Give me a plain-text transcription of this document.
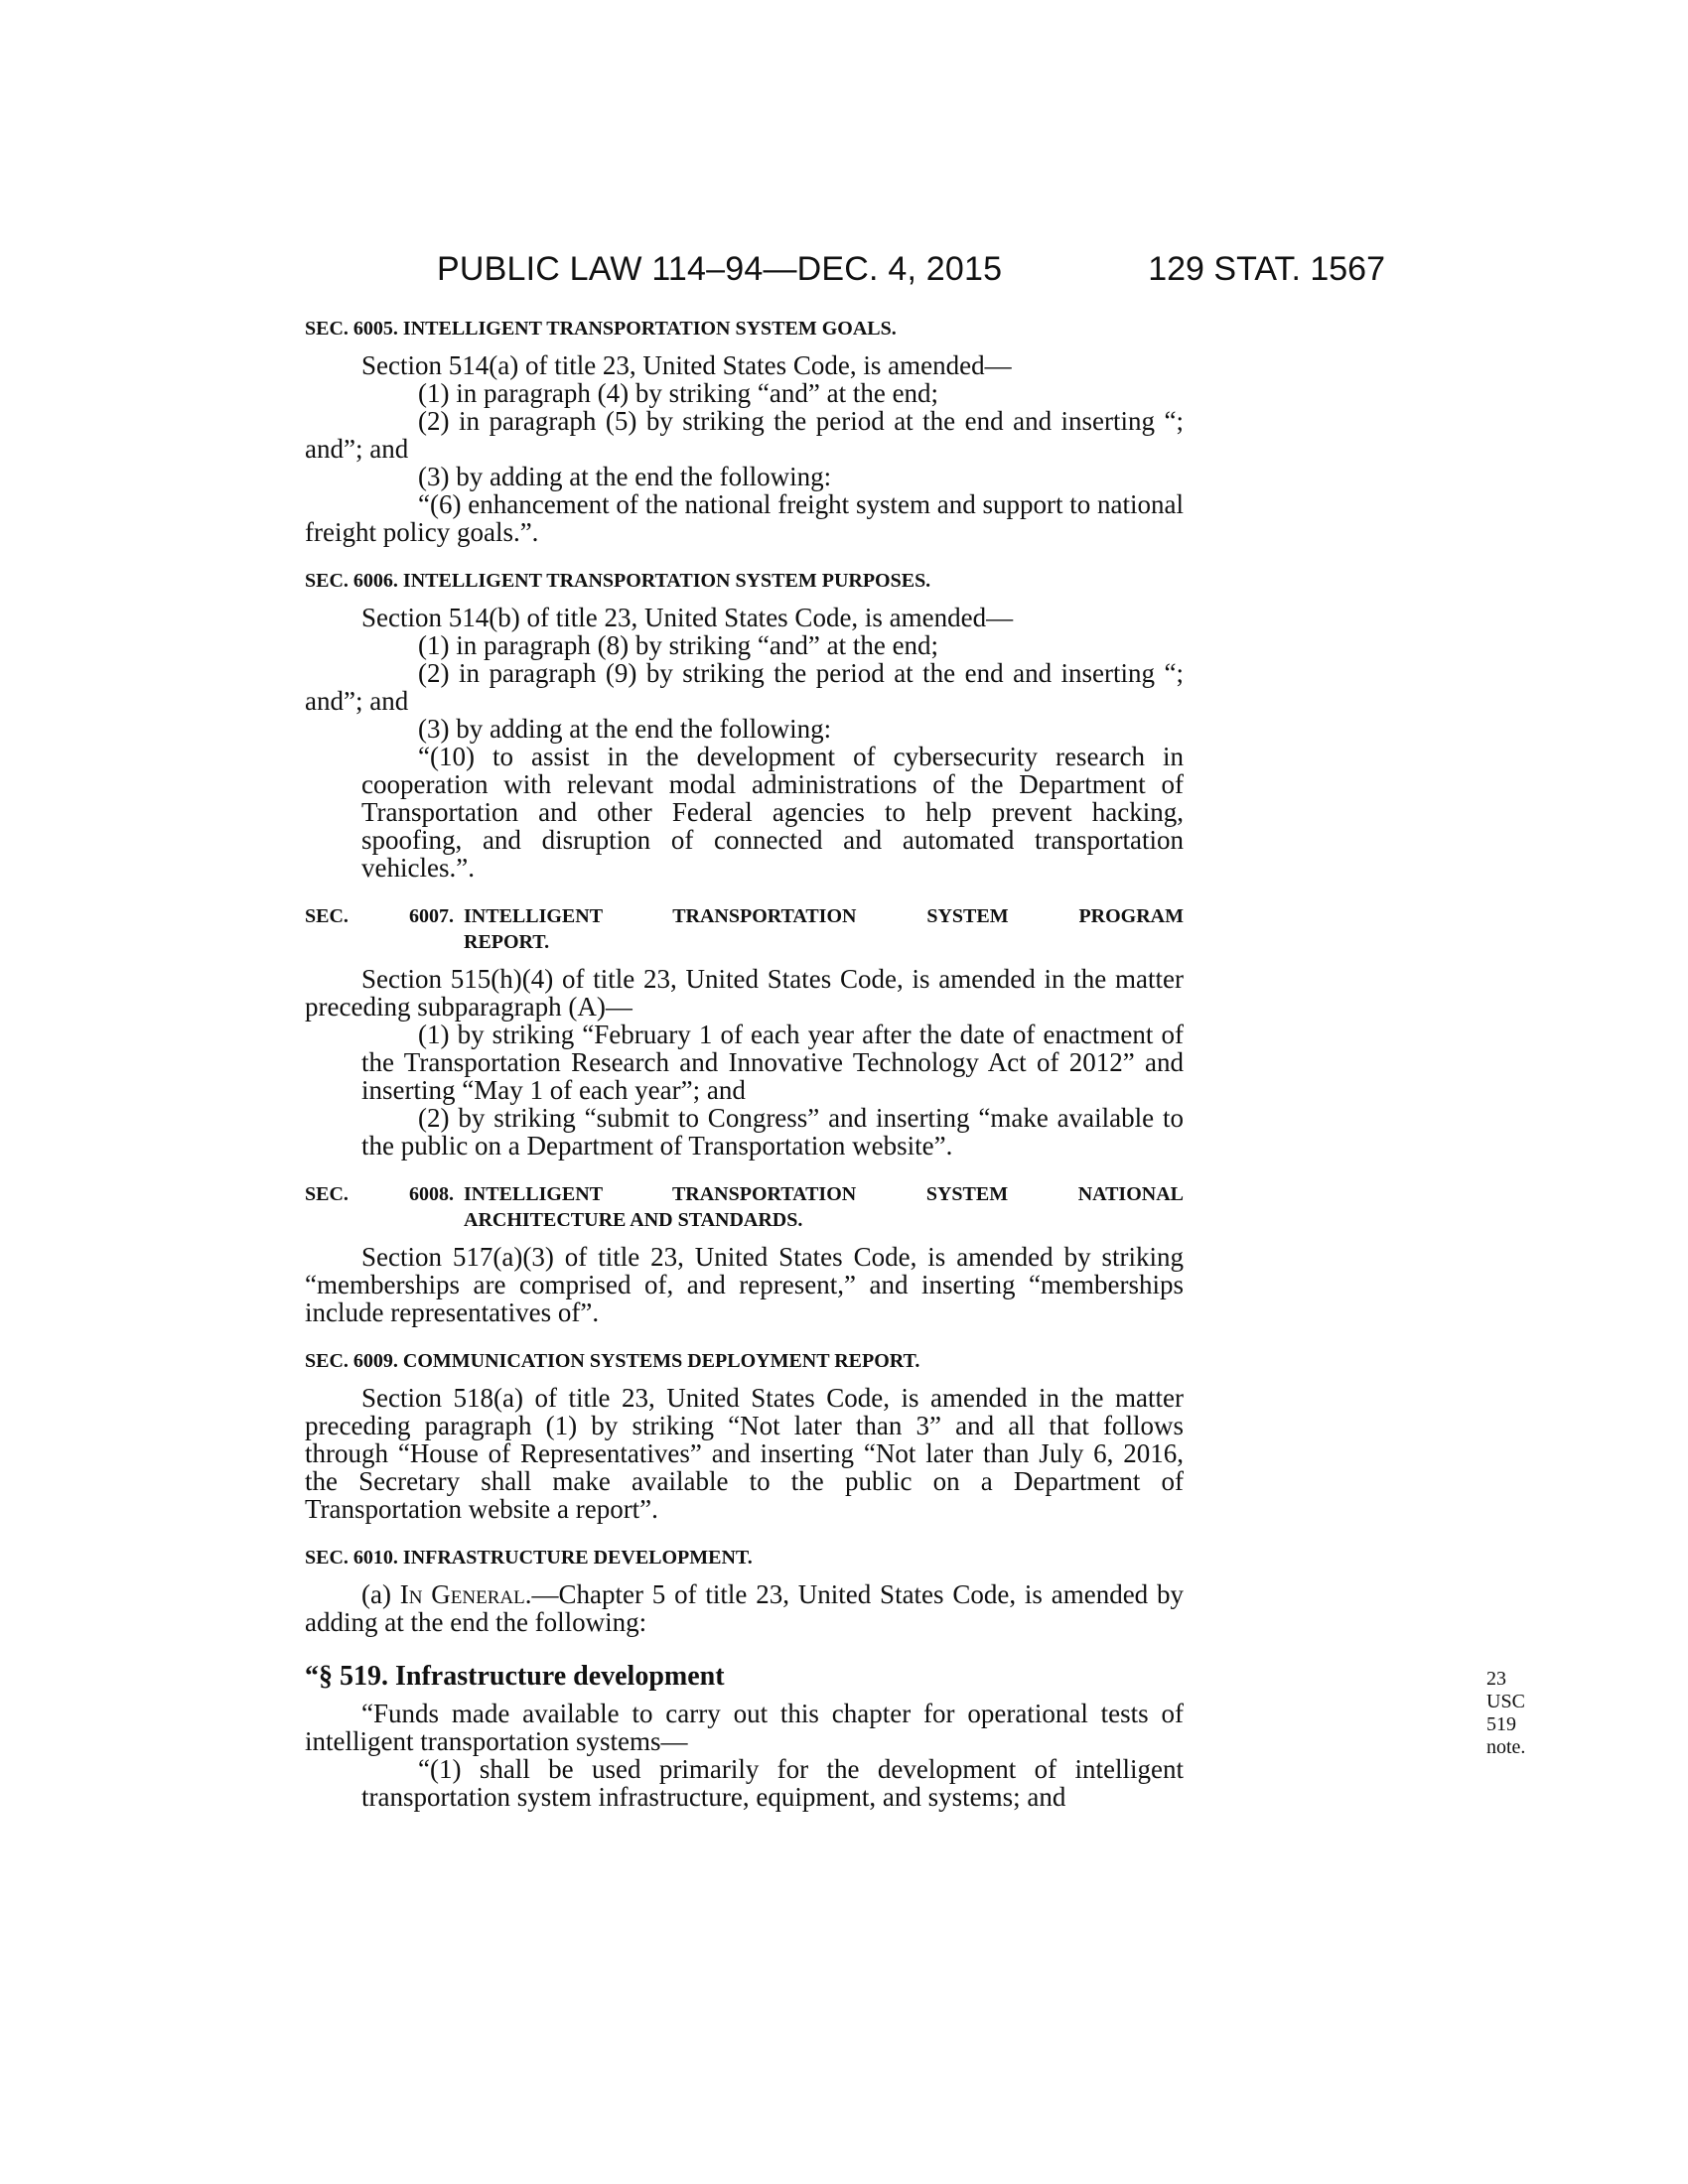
PUBLIC LAW 114–94—DEC. 4, 2015	129 STAT. 1567
SEC. 6005. INTELLIGENT TRANSPORTATION SYSTEM GOALS.

Section 514(a) of title 23, United States Code, is amended—

(1) in paragraph (4) by striking “and” at the end;

(2) in paragraph (5) by striking the period at the end and inserting “; and”; and

(3) by adding at the end the following:

“(6) enhancement of the national freight system and support to national freight policy goals.”.

SEC. 6006. INTELLIGENT TRANSPORTATION SYSTEM PURPOSES.

Section 514(b) of title 23, United States Code, is amended—

(1) in paragraph (8) by striking “and” at the end;

(2) in paragraph (9) by striking the period at the end and inserting “; and”; and

(3) by adding at the end the following:

“(10) to assist in the development of cybersecurity research in cooperation with relevant modal administrations of the Department of Transportation and other Federal agencies to help prevent hacking, spoofing, and disruption of connected and automated transportation vehicles.”.

SEC.	6007. INTELLIGENT TRANSPORTATION SYSTEM PROGRAM
REPORT.

Section 515(h)(4) of title 23, United States Code, is amended in the matter preceding subparagraph (A)—

(1) by striking “February 1 of each year after the date of enactment of the Transportation Research and Innovative Technology Act of 2012” and inserting “May 1 of each year”; and

(2) by striking “submit to Congress” and inserting “make available to the public on a Department of Transportation website”.

SEC.	6008. INTELLIGENT TRANSPORTATION SYSTEM NATIONAL
ARCHITECTURE AND STANDARDS.

Section 517(a)(3) of title 23, United States Code, is amended by striking “memberships are comprised of, and represent,” and inserting “memberships include representatives of”.

SEC. 6009. COMMUNICATION SYSTEMS DEPLOYMENT REPORT.

Section 518(a) of title 23, United States Code, is amended in the matter preceding paragraph (1) by striking “Not later than 3” and all that follows through “House of Representatives” and inserting “Not later than July 6, 2016, the Secretary shall make available to the public on a Department of Transportation website a report”.

SEC. 6010. INFRASTRUCTURE DEVELOPMENT.

(a) In General.—Chapter 5 of title 23, United States Code, is amended by adding at the end the following:

“§ 519. Infrastructure development	23 USC 519 note.

“Funds made available to carry out this chapter for operational tests of intelligent transportation systems—

“(1) shall be used primarily for the development of intelligent transportation system infrastructure, equipment, and systems; and
